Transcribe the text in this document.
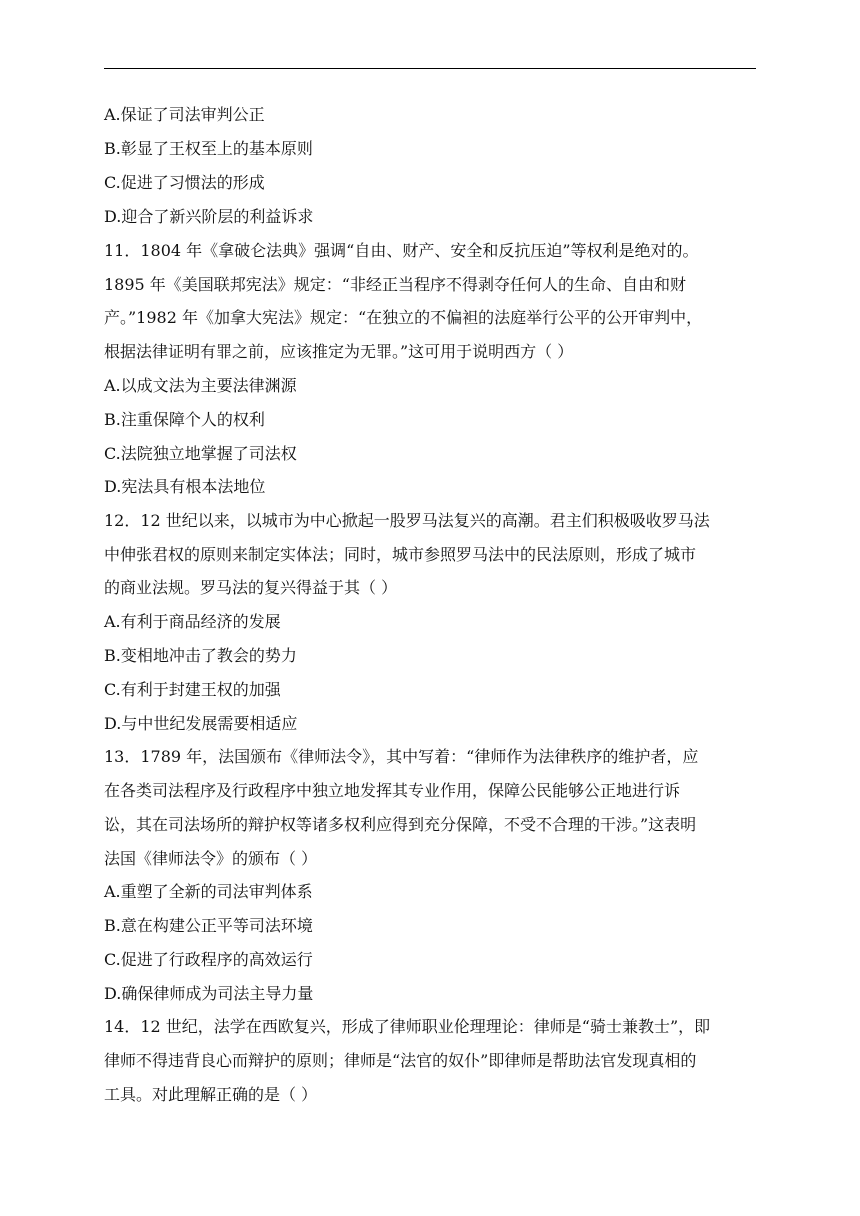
A.保证了司法审判公正
B.彰显了王权至上的基本原则
C.促进了习惯法的形成
D.迎合了新兴阶层的利益诉求
11．1804 年《拿破仑法典》强调“自由、财产、安全和反抗压迫”等权利是绝对的。
1895 年《美国联邦宪法》规定：“非经正当程序不得剥夺任何人的生命、自由和财
产。”1982 年《加拿大宪法》规定：“在独立的不偏袒的法庭举行公平的公开审判中，
根据法律证明有罪之前，应该推定为无罪。”这可用于说明西方（ ）
A.以成文法为主要法律渊源
B.注重保障个人的权利
C.法院独立地掌握了司法权
D.宪法具有根本法地位
12．12 世纪以来，以城市为中心掀起一股罗马法复兴的高潮。君主们积极吸收罗马法
中伸张君权的原则来制定实体法；同时，城市参照罗马法中的民法原则，形成了城市
的商业法规。罗马法的复兴得益于其（ ）
A.有利于商品经济的发展
B.变相地冲击了教会的势力
C.有利于封建王权的加强
D.与中世纪发展需要相适应
13．1789 年，法国颁布《律师法令》，其中写着：“律师作为法律秩序的维护者，应
在各类司法程序及行政程序中独立地发挥其专业作用，保障公民能够公正地进行诉
讼，其在司法场所的辩护权等诸多权利应得到充分保障，不受不合理的干涉。”这表明
法国《律师法令》的颁布（ ）
A.重塑了全新的司法审判体系
B.意在构建公正平等司法环境
C.促进了行政程序的高效运行
D.确保律师成为司法主导力量
14．12 世纪，法学在西欧复兴，形成了律师职业伦理理论：律师是“骑士兼教士”，即
律师不得违背良心而辩护的原则；律师是“法官的奴仆”即律师是帮助法官发现真相的
工具。对此理解正确的是（ ）
